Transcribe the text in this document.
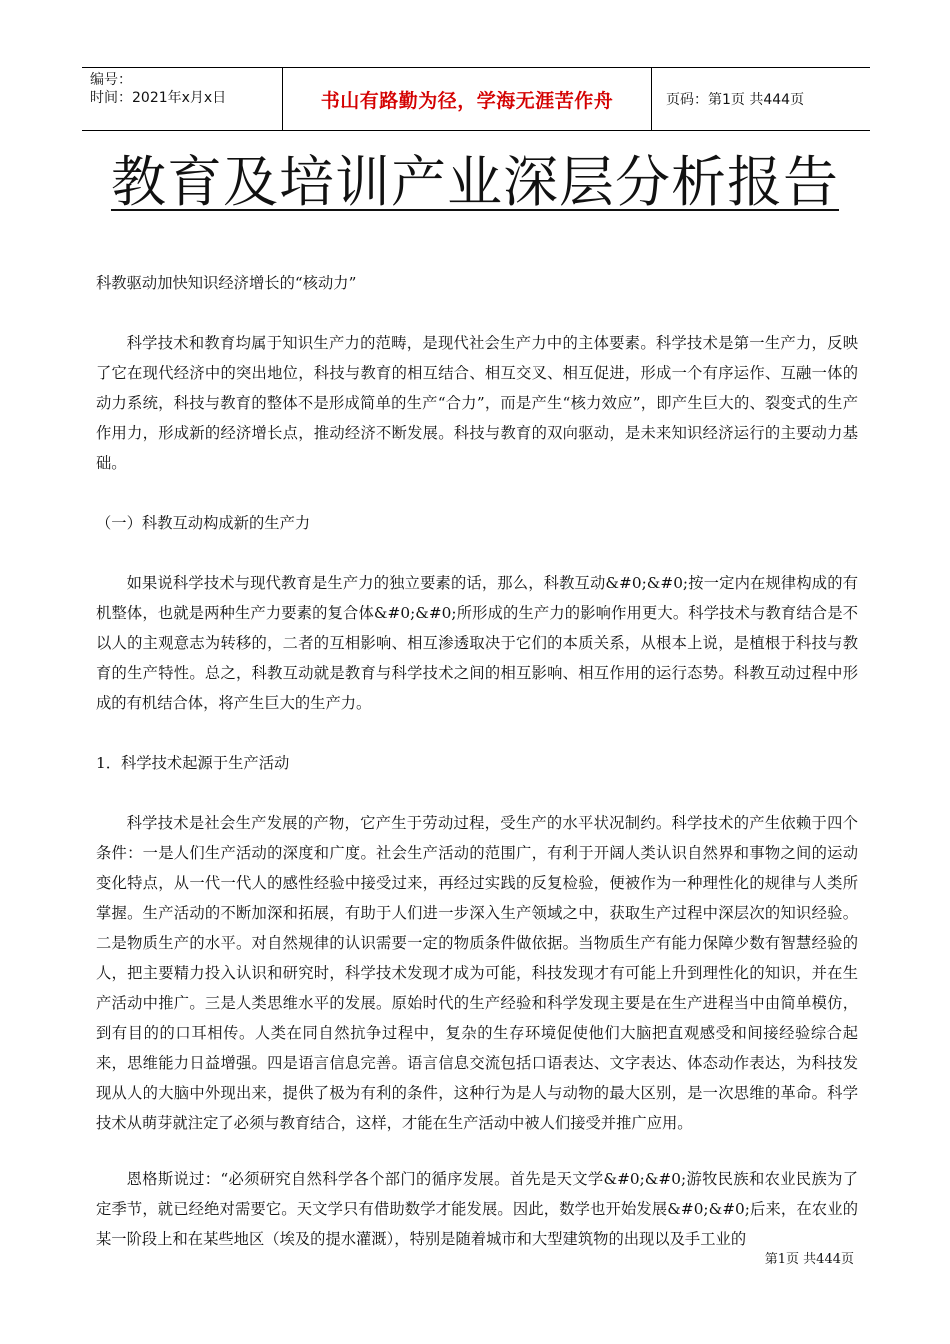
编号：
时间：2021年x月x日	书山有路勤为径，学海无涯苦作舟	页码：第1页 共444页
教育及培训产业深层分析报告

科教驱动加快知识经济增长的“核动力”

科学技术和教育均属于知识生产力的范畴，是现代社会生产力中的主体要素。科学技术是第一生产力，反映了它在现代经济中的突出地位，科技与教育的相互结合、相互交叉、相互促进，形成一个有序运作、互融一体的动力系统，科技与教育的整体不是形成简单的生产“合力”，而是产生“核力效应”，即产生巨大的、裂变式的生产作用力，形成新的经济增长点，推动经济不断发展。科技与教育的双向驱动，是未来知识经济运行的主要动力基础。

（一）科教互动构成新的生产力

如果说科学技术与现代教育是生产力的独立要素的话，那么，科教互动&#0;&#0;按一定内在规律构成的有机整体，也就是两种生产力要素的复合体&#0;&#0;所形成的生产力的影响作用更大。科学技术与教育结合是不以人的主观意志为转移的，二者的互相影响、相互渗透取决于它们的本质关系，从根本上说，是植根于科技与教育的生产特性。总之，科教互动就是教育与科学技术之间的相互影响、相互作用的运行态势。科教互动过程中形成的有机结合体，将产生巨大的生产力。

1．科学技术起源于生产活动

科学技术是社会生产发展的产物，它产生于劳动过程，受生产的水平状况制约。科学技术的产生依赖于四个条件：一是人们生产活动的深度和广度。社会生产活动的范围广，有利于开阔人类认识自然界和事物之间的运动变化特点，从一代一代人的感性经验中接受过来，再经过实践的反复检验，便被作为一种理性化的规律与人类所掌握。生产活动的不断加深和拓展，有助于人们进一步深入生产领域之中，获取生产过程中深层次的知识经验。二是物质生产的水平。对自然规律的认识需要一定的物质条件做依据。当物质生产有能力保障少数有智慧经验的人，把主要精力投入认识和研究时，科学技术发现才成为可能，科技发现才有可能上升到理性化的知识，并在生产活动中推广。三是人类思维水平的发展。原始时代的生产经验和科学发现主要是在生产进程当中由简单模仿，到有目的的口耳相传。人类在同自然抗争过程中，复杂的生存环境促使他们大脑把直观感受和间接经验综合起来，思维能力日益增强。四是语言信息完善。语言信息交流包括口语表达、文字表达、体态动作表达，为科技发现从人的大脑中外现出来，提供了极为有利的条件，这种行为是人与动物的最大区别，是一次思维的革命。科学技术从萌芽就注定了必须与教育结合，这样，才能在生产活动中被人们接受并推广应用。

恩格斯说过：“必须研究自然科学各个部门的循序发展。首先是天文学&#0;&#0;游牧民族和农业民族为了定季节，就已经绝对需要它。天文学只有借助数学才能发展。因此，数学也开始发展&#0;&#0;后来，在农业的某一阶段上和在某些地区（埃及的提水灌溉），特别是随着城市和大型建筑物的出现以及手工业的

第1页 共444页
